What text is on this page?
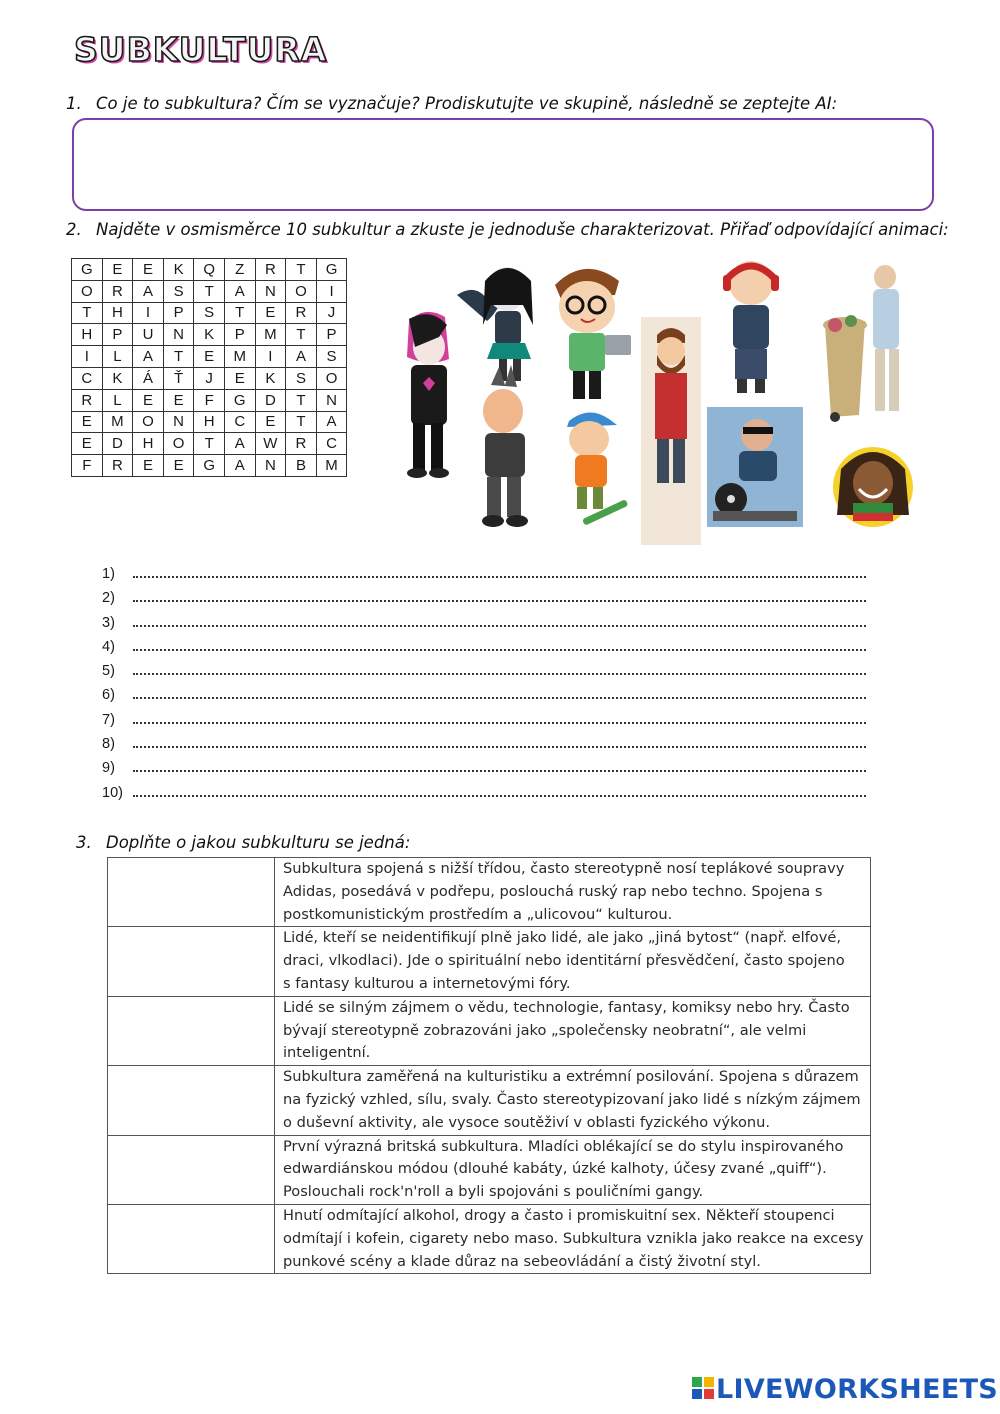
SUBKULTURA
1. Co je to subkultura? Čím se vyznačuje? Prodiskutujte ve skupině, následně se zeptejte AI:
2. Najděte v osmisměrce 10 subkultur a zkuste je jednoduše charakterizovat. Přiřaď odpovídající animaci:
G	E	E	K	Q	Z	R	T	G
O	R	A	S	T	A	N	O	I
T	H	I	P	S	T	E	R	J
H	P	U	N	K	P	M	T	P
I	L	A	T	E	M	I	A	S
C	K	Á	Ť	J	E	K	S	O
R	L	E	E	F	G	D	T	N
E	M	O	N	H	C	E	T	A
E	D	H	O	T	A	W	R	C
F	R	E	E	G	A	N	B	M
1)
2)
3)
4)
5)
6)
7)
8)
9)
10)
3. Doplňte o jakou subkulturu se jedná:

	Subkultura spojená s nižší třídou, často stereotypně nosí teplákové soupravy
Adidas, posedává v podřepu, poslouchá ruský rap nebo techno. Spojena s
postkomunistickým prostředím a „ulicovou“ kulturou.

	Lidé, kteří se neidentifikují plně jako lidé, ale jako „jiná bytost“ (např. elfové,
draci, vlkodlaci). Jde o spirituální nebo identitární přesvědčení, často spojeno
s fantasy kulturou a internetovými fóry.

	Lidé se silným zájmem o vědu, technologie, fantasy, komiksy nebo hry. Často
bývají stereotypně zobrazováni jako „společensky neobratní“, ale velmi
inteligentní.

	Subkultura zaměřená na kulturistiku a extrémní posilování. Spojena s důrazem
na fyzický vzhled, sílu, svaly. Často stereotypizovaní jako lidé s nízkým zájmem
o duševní aktivity, ale vysoce soutěživí v oblasti fyzického výkonu.

	První výrazná britská subkultura. Mladíci oblékající se do stylu inspirovaného
edwardiánskou módou (dlouhé kabáty, úzké kalhoty, účesy zvané „quiff“).
Poslouchali rock'n'roll a byli spojováni s pouličními gangy.

	Hnutí odmítající alkohol, drogy a často i promiskuitní sex. Někteří stoupenci
odmítají i kofein, cigarety nebo maso. Subkultura vznikla jako reakce na excesy
punkové scény a klade důraz na sebeovládání a čistý životní styl.
LIVEWORKSHEETS
